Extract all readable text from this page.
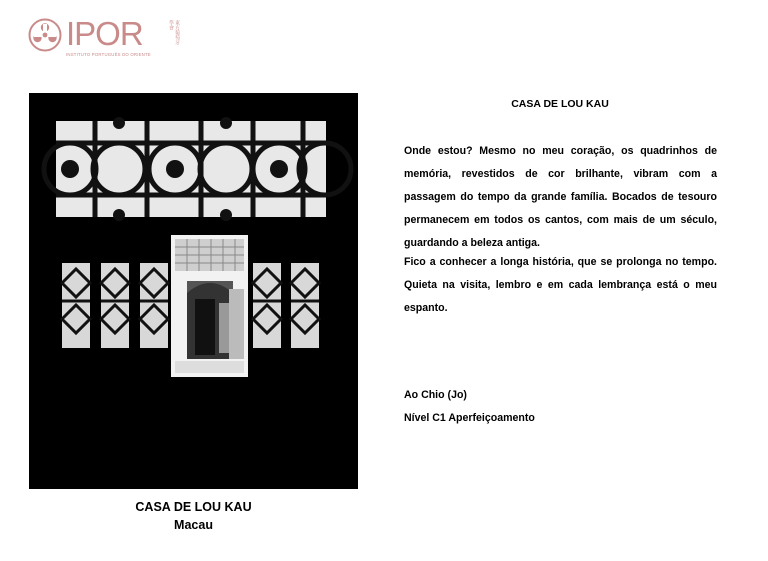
IPOR	東方葡萄牙學會
INSTITUTO PORTUGUÊS DO ORIENTE
CASA DE LOU KAU
Macau
CASA DE LOU KAU

Onde estou? Mesmo no meu coração, os quadrinhos de memória, revestidos de cor brilhante, vibram com a passagem do tempo da grande família. Bocados de tesouro permanecem em todos os cantos, com mais de um século, guardando a beleza antiga.

Fico a conhecer a longa história, que se prolonga no tempo. Quieta na visita, lembro e em cada lembrança está o meu espanto.

Ao Chio (Jo)
Nível C1 Aperfeiçoamento
